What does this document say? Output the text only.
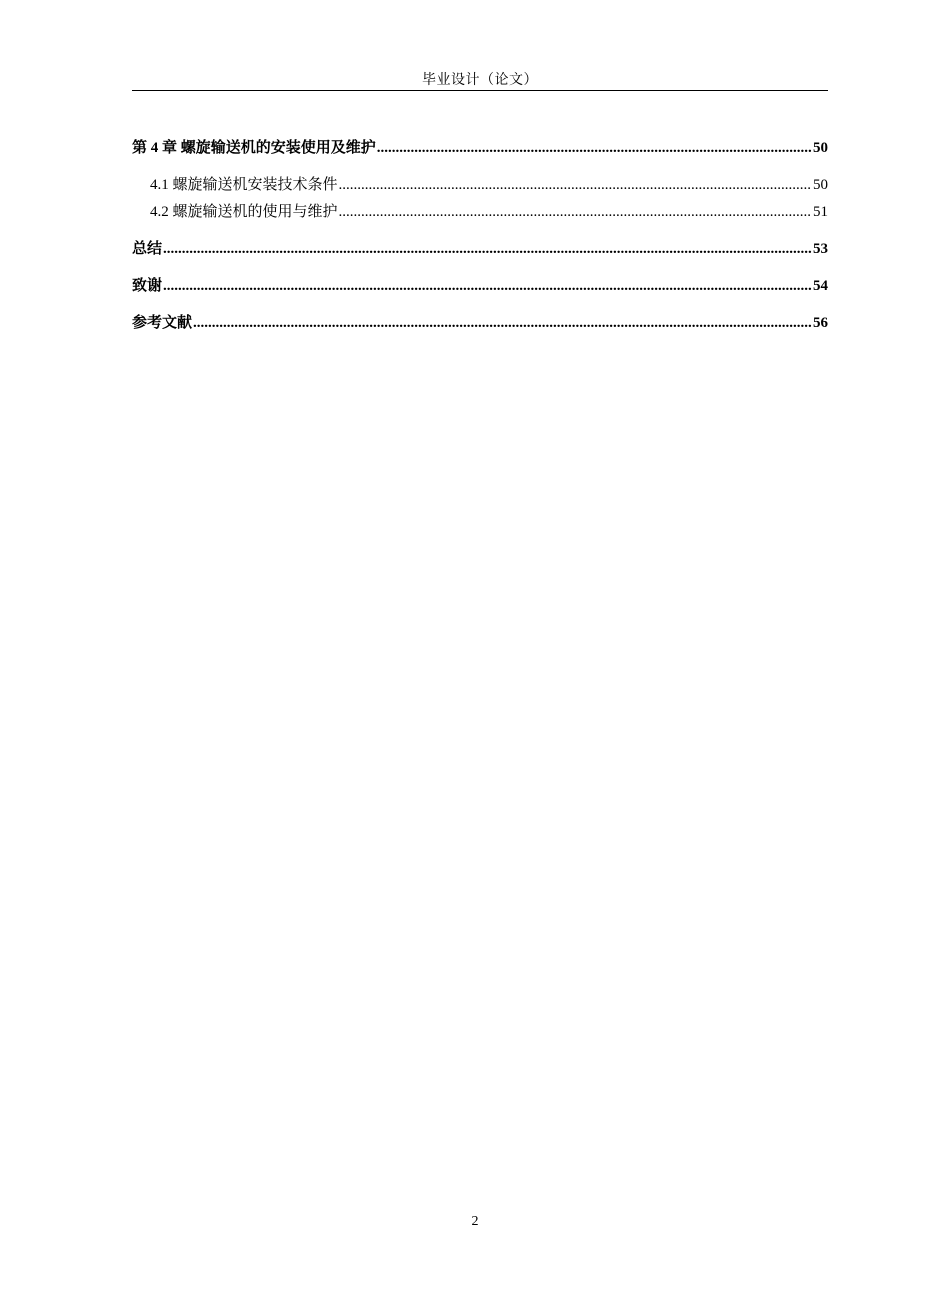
毕业设计（论文）
第 4 章 螺旋输送机的安装使用及维护 .....	50
4.1 螺旋输送机安装技术条件 .....	50
4.2 螺旋输送机的使用与维护 .....	51
总结 .....	53
致谢 .....	54
参考文献 .....	56
2
